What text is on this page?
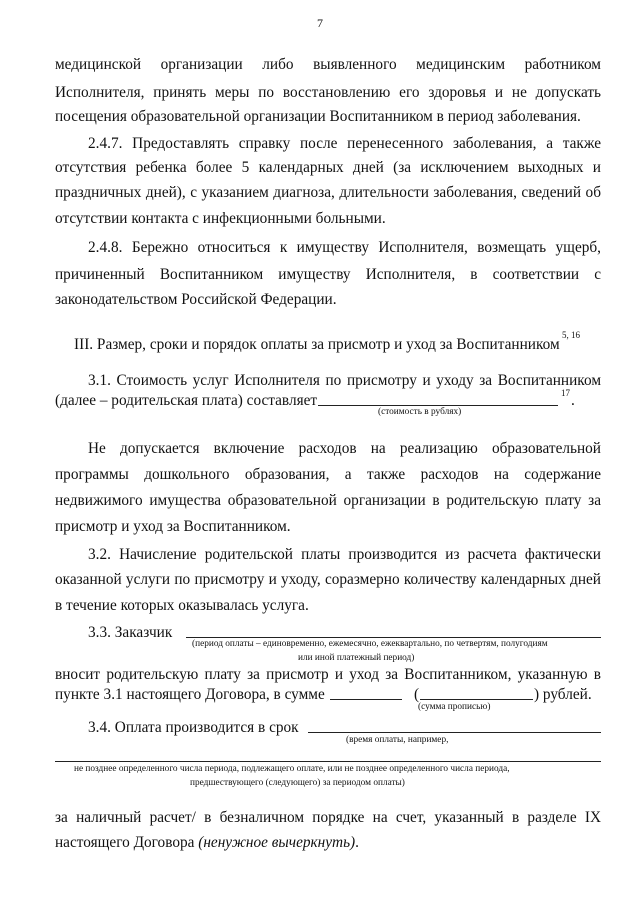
7
медицинской организации либо выявленного медицинским работником
Исполнителя, принять меры по восстановлению его здоровья и не допускать
посещения образовательной организации Воспитанником в период заболевания.
2.4.7. Предоставлять справку после перенесенного заболевания, а также
отсутствия ребенка более 5 календарных дней (за исключением выходных и
праздничных дней), с указанием диагноза, длительности заболевания, сведений об
отсутствии контакта с инфекционными больными.
2.4.8. Бережно относиться к имуществу Исполнителя, возмещать ущерб,
причиненный Воспитанником имуществу Исполнителя, в соответствии с
законодательством Российской Федерации.
III. Размер, сроки и порядок оплаты за присмотр и уход за Воспитанником
5, 16
3.1. Стоимость услуг Исполнителя по присмотру и уходу за Воспитанником
(далее – родительская плата) составляет	17 .
(стоимость в рублях)
Не допускается включение расходов на реализацию образовательной
программы дошкольного образования, а также расходов на содержание
недвижимого имущества образовательной организации в родительскую плату за
присмотр и уход за Воспитанником.
3.2. Начисление родительской платы производится из расчета фактически
оказанной услуги по присмотру и уходу, соразмерно количеству календарных дней
в течение которых оказывалась услуга.
3.3. Заказчик
(период оплаты – единовременно, ежемесячно, ежеквартально, по четвертям, полугодиям
или иной платежный период)
вносит родительскую плату за присмотр и уход за Воспитанником, указанную в
пункте 3.1 настоящего Договора, в сумме	(	) рублей.
(сумма прописью)
3.4. Оплата производится в срок
(время оплаты, например,
не позднее определенного числа периода, подлежащего оплате, или не позднее определенного числа периода,
предшествующего (следующего) за периодом оплаты)
за наличный расчет/ в безналичном порядке на счет, указанный в разделе IX
настоящего Договора (ненужное вычеркнуть).
